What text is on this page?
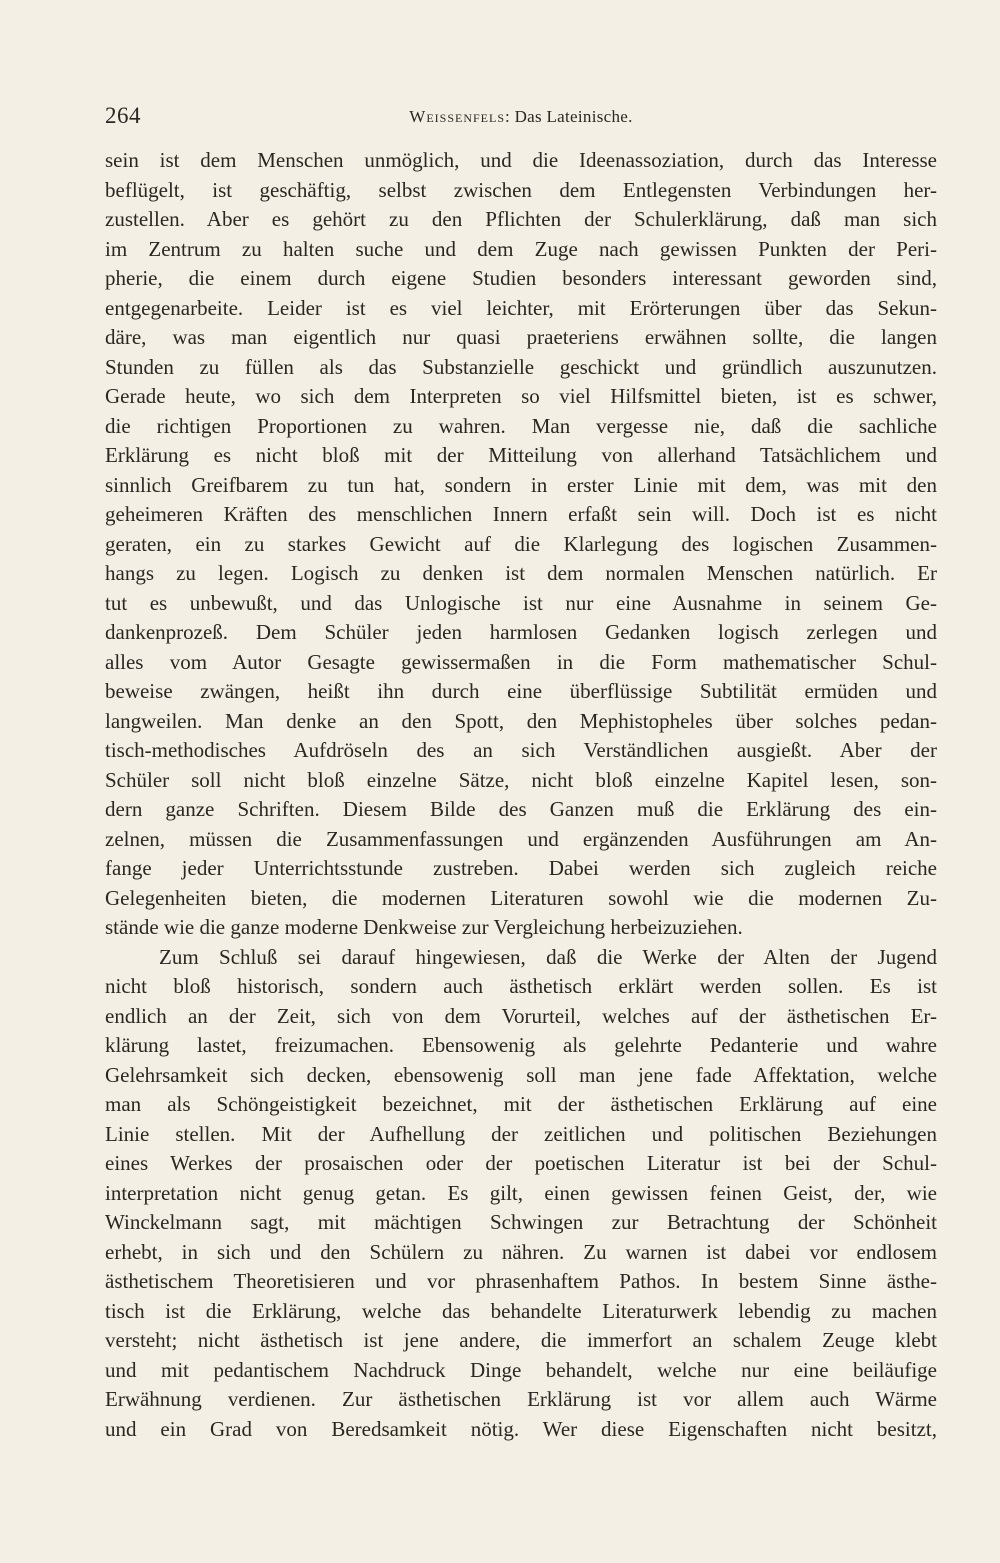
264	Weissenfels: Das Lateinische.
sein ist dem Menschen unmöglich, und die Ideenassoziation, durch das Interesse
beflügelt, ist geschäftig, selbst zwischen dem Entlegensten Verbindungen her-
zustellen. Aber es gehört zu den Pflichten der Schulerklärung, daß man sich
im Zentrum zu halten suche und dem Zuge nach gewissen Punkten der Peri-
pherie, die einem durch eigene Studien besonders interessant geworden sind,
entgegenarbeite. Leider ist es viel leichter, mit Erörterungen über das Sekun-
däre, was man eigentlich nur quasi praeteriens erwähnen sollte, die langen
Stunden zu füllen als das Substanzielle geschickt und gründlich auszunutzen.
Gerade heute, wo sich dem Interpreten so viel Hilfsmittel bieten, ist es schwer,
die richtigen Proportionen zu wahren. Man vergesse nie, daß die sachliche
Erklärung es nicht bloß mit der Mitteilung von allerhand Tatsächlichem und
sinnlich Greifbarem zu tun hat, sondern in erster Linie mit dem, was mit den
geheimeren Kräften des menschlichen Innern erfaßt sein will. Doch ist es nicht
geraten, ein zu starkes Gewicht auf die Klarlegung des logischen Zusammen-
hangs zu legen. Logisch zu denken ist dem normalen Menschen natürlich. Er
tut es unbewußt, und das Unlogische ist nur eine Ausnahme in seinem Ge-
dankenprozeß. Dem Schüler jeden harmlosen Gedanken logisch zerlegen und
alles vom Autor Gesagte gewissermaßen in die Form mathematischer Schul-
beweise zwängen, heißt ihn durch eine überflüssige Subtilität ermüden und
langweilen. Man denke an den Spott, den Mephistopheles über solches pedan-
tisch-methodisches Aufdröseln des an sich Verständlichen ausgießt. Aber der
Schüler soll nicht bloß einzelne Sätze, nicht bloß einzelne Kapitel lesen, son-
dern ganze Schriften. Diesem Bilde des Ganzen muß die Erklärung des ein-
zelnen, müssen die Zusammenfassungen und ergänzenden Ausführungen am An-
fange jeder Unterrichtsstunde zustreben. Dabei werden sich zugleich reiche
Gelegenheiten bieten, die modernen Literaturen sowohl wie die modernen Zu-
stände wie die ganze moderne Denkweise zur Vergleichung herbeizuziehen.
Zum Schluß sei darauf hingewiesen, daß die Werke der Alten der Jugend
nicht bloß historisch, sondern auch ästhetisch erklärt werden sollen. Es ist
endlich an der Zeit, sich von dem Vorurteil, welches auf der ästhetischen Er-
klärung lastet, freizumachen. Ebensowenig als gelehrte Pedanterie und wahre
Gelehrsamkeit sich decken, ebensowenig soll man jene fade Affektation, welche
man als Schöngeistigkeit bezeichnet, mit der ästhetischen Erklärung auf eine
Linie stellen. Mit der Aufhellung der zeitlichen und politischen Beziehungen
eines Werkes der prosaischen oder der poetischen Literatur ist bei der Schul-
interpretation nicht genug getan. Es gilt, einen gewissen feinen Geist, der, wie
Winckelmann sagt, mit mächtigen Schwingen zur Betrachtung der Schönheit
erhebt, in sich und den Schülern zu nähren. Zu warnen ist dabei vor endlosem
ästhetischem Theoretisieren und vor phrasenhaftem Pathos. In bestem Sinne ästhe-
tisch ist die Erklärung, welche das behandelte Literaturwerk lebendig zu machen
versteht; nicht ästhetisch ist jene andere, die immerfort an schalem Zeuge klebt
und mit pedantischem Nachdruck Dinge behandelt, welche nur eine beiläufige
Erwähnung verdienen. Zur ästhetischen Erklärung ist vor allem auch Wärme
und ein Grad von Beredsamkeit nötig. Wer diese Eigenschaften nicht besitzt,
